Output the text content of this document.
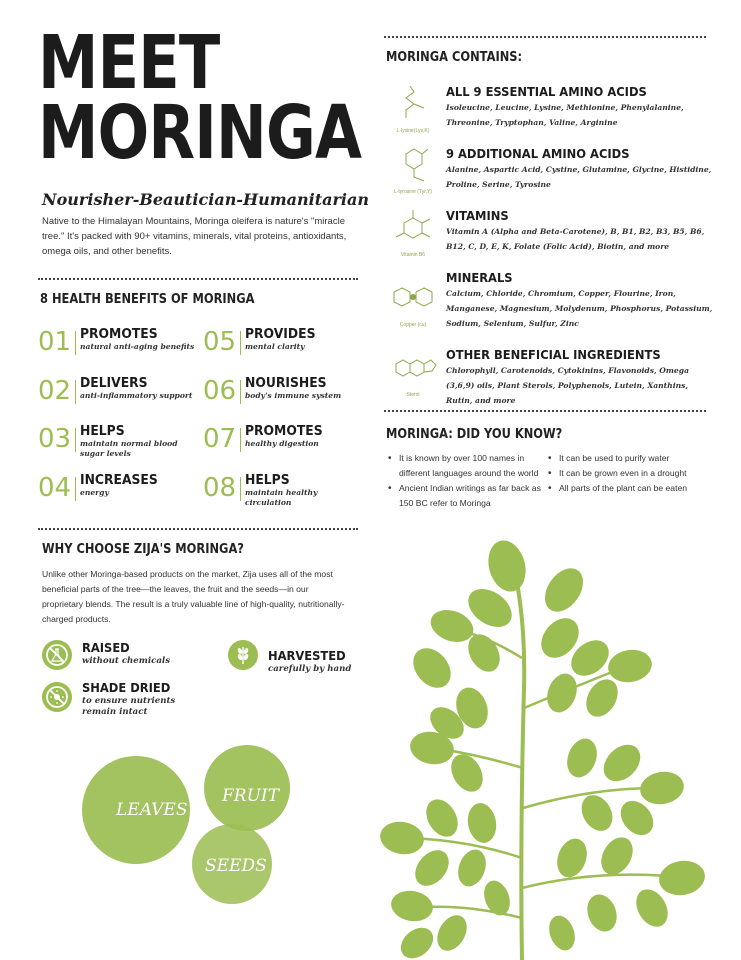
MEET
MORINGA
Nourisher-Beautician-Humanitarian
Native to the Himalayan Mountains, Moringa oleifera is nature's "miracle tree." It's packed with 90+ vitamins, minerals, vital proteins, antioxidants, omega oils, and other benefits.
8 HEALTH BENEFITS OF MORINGA
01 PROMOTES
natural anti-aging benefits
02 DELIVERS
anti-inflammatory support
03 HELPS
maintain normal blood sugar levels
04 INCREASES
energy
05 PROVIDES
mental clarity
06 NOURISHES
body's immune system
07 PROMOTES
healthy digestion
08 HELPS
maintain healthy circulation
WHY CHOOSE ZIJA'S MORINGA?
Unlike other Moringa-based products on the market, Zija uses all of the most beneficial parts of the tree—the leaves, the fruit and the seeds—in our proprietary blends. The result is a truly valuable line of high-quality, nutritionally-charged products.
RAISED
without chemicals	HARVESTED
carefully by hand
SHADE DRIED
to ensure nutrients remain intact
LEAVES
FRUIT
SEEDS
MORINGA CONTAINS:
L-lysine(Lys,K)
L-tyrosine (Tyr,Y)
Vitamin B6
Copper (cu)
Sterol
ALL 9 ESSENTIAL AMINO ACIDS
Isoleucine, Leucine, Lysine, Methionine, Phenylalanine, Threonine, Tryptophan, Valine, Arginine
9 ADDITIONAL AMINO ACIDS
Alanine, Aspartic Acid, Cystine, Glutamine, Glycine, Histidine, Proline, Serine, Tyrosine
VITAMINS
Vitamin A (Alpha and Beta-Carotene), B, B1, B2, B3, B5, B6, B12, C, D, E, K, Folate (Folic Acid), Biotin, and more
MINERALS
Calcium, Chloride, Chromium, Copper, Flourine, Iron, Manganese, Magnesium, Molydenum, Phosphorus, Potassium, Sodium, Selenium, Sulfur, Zinc
OTHER BENEFICIAL INGREDIENTS
Chlorophyll, Carotenoids, Cytokinins, Flavonoids, Omega (3,6,9) oils, Plant Sterols, Polyphenols, Lutein, Xanthins, Rutin, and more
MORINGA: DID YOU KNOW?
• It is known by over 100 names in different languages around the world
• Ancient Indian writings as far back as 150 BC refer to Moringa
• It can be used to purify water
• It can be grown even in a drought
• All parts of the plant can be eaten
